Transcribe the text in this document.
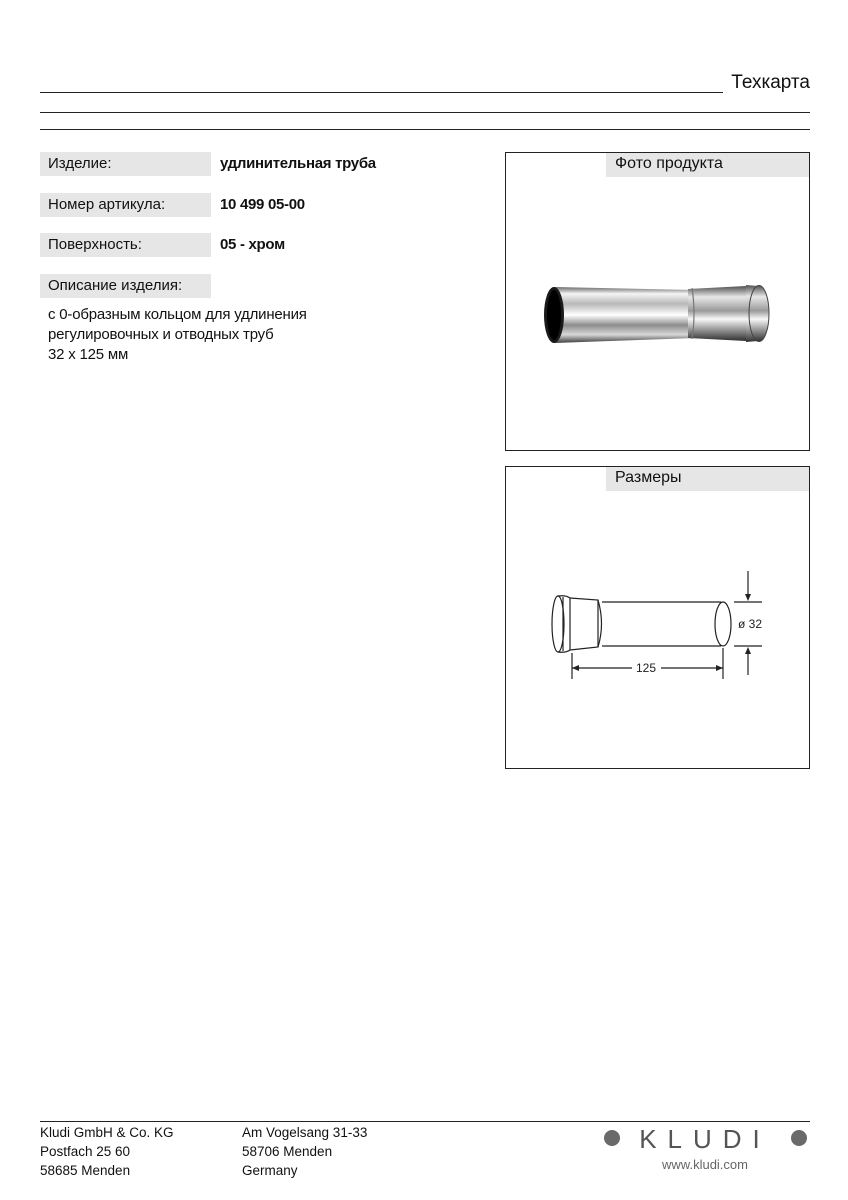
Техкарта
Изделие:	удлинительная труба
Номер артикула:	10 499 05-00
Поверхность:	05 - хром
Описание изделия:
с 0-образным кольцом для удлинения
регулировочных и отводных труб
32 x 125 мм
Фото продукта
Размеры
125
ø 32
Kludi GmbH & Co. KG
Postfach 25 60
58685 Menden
Am Vogelsang 31-33
58706 Menden
Germany
KLUDI
www.kludi.com
